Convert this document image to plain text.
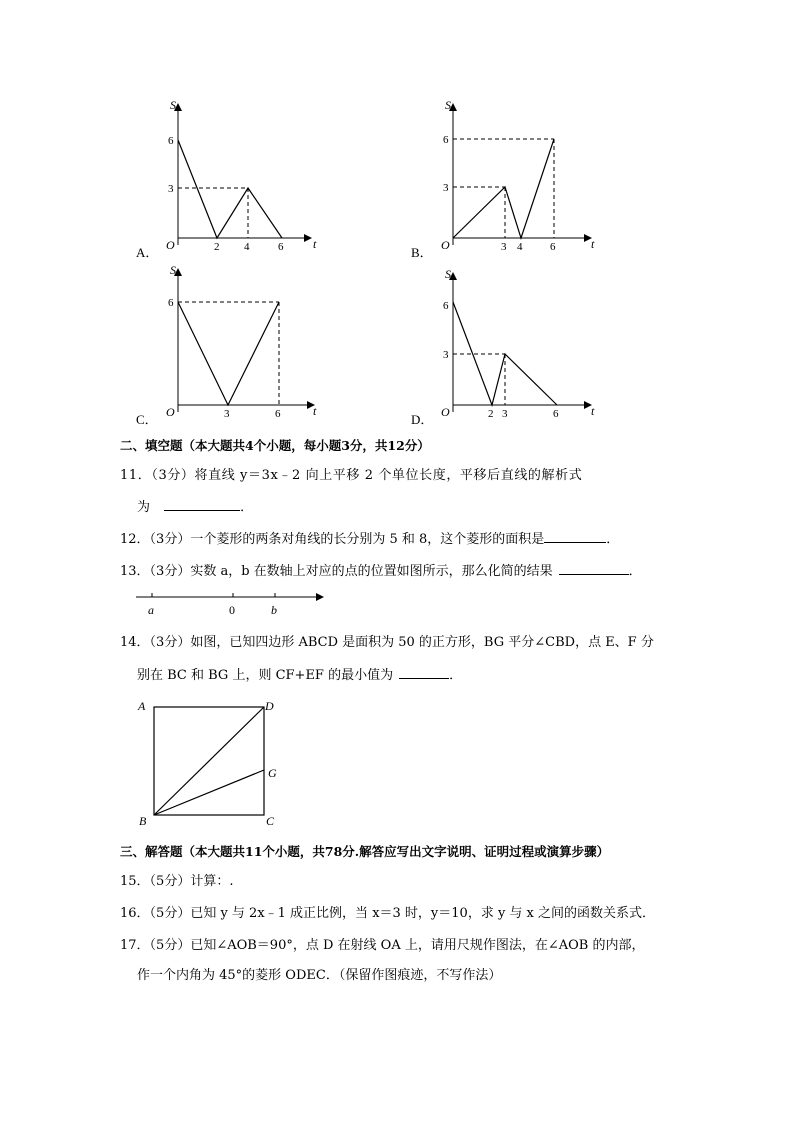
A．
S
t
O
6
3
2 4	6	B．
S
t
O
6
3
3 4	6
C．
S
t
O
6
3	6	D．
S
t
O
6
3
2 3	6
二、填空题（本大题共4个小题，每小题3分，共12分）
11．（3分）将直线 y＝3x﹣2 向上平移 2 个单位长度，平移后直线的解析式
为	．
12．（3分）一个菱形的两条对角线的长分别为 5 和 8，这个菱形的面积是	．
13．（3分）实数 a，b 在数轴上对应的点的位置如图所示，那么化简的结果	．
a	0	b
14．（3分）如图，已知四边形 ABCD 是面积为 50 的正方形，BG 平分∠CBD，点 E、F 分
别在 BC 和 BG 上，则 CF+EF 的最小值为	．
A	D
G
B	C
三、解答题（本大题共11个小题，共78分.解答应写出文字说明、证明过程或演算步骤）
15．（5分）计算：.
16．（5分）已知 y 与 2x﹣1 成正比例，当 x＝3 时，y＝10，求 y 与 x 之间的函数关系式．
17．（5分）已知∠AOB＝90°，点 D 在射线 OA 上，请用尺规作图法，在∠AOB 的内部，
作一个内角为 45°的菱形 ODEC．（保留作图痕迹，不写作法）
